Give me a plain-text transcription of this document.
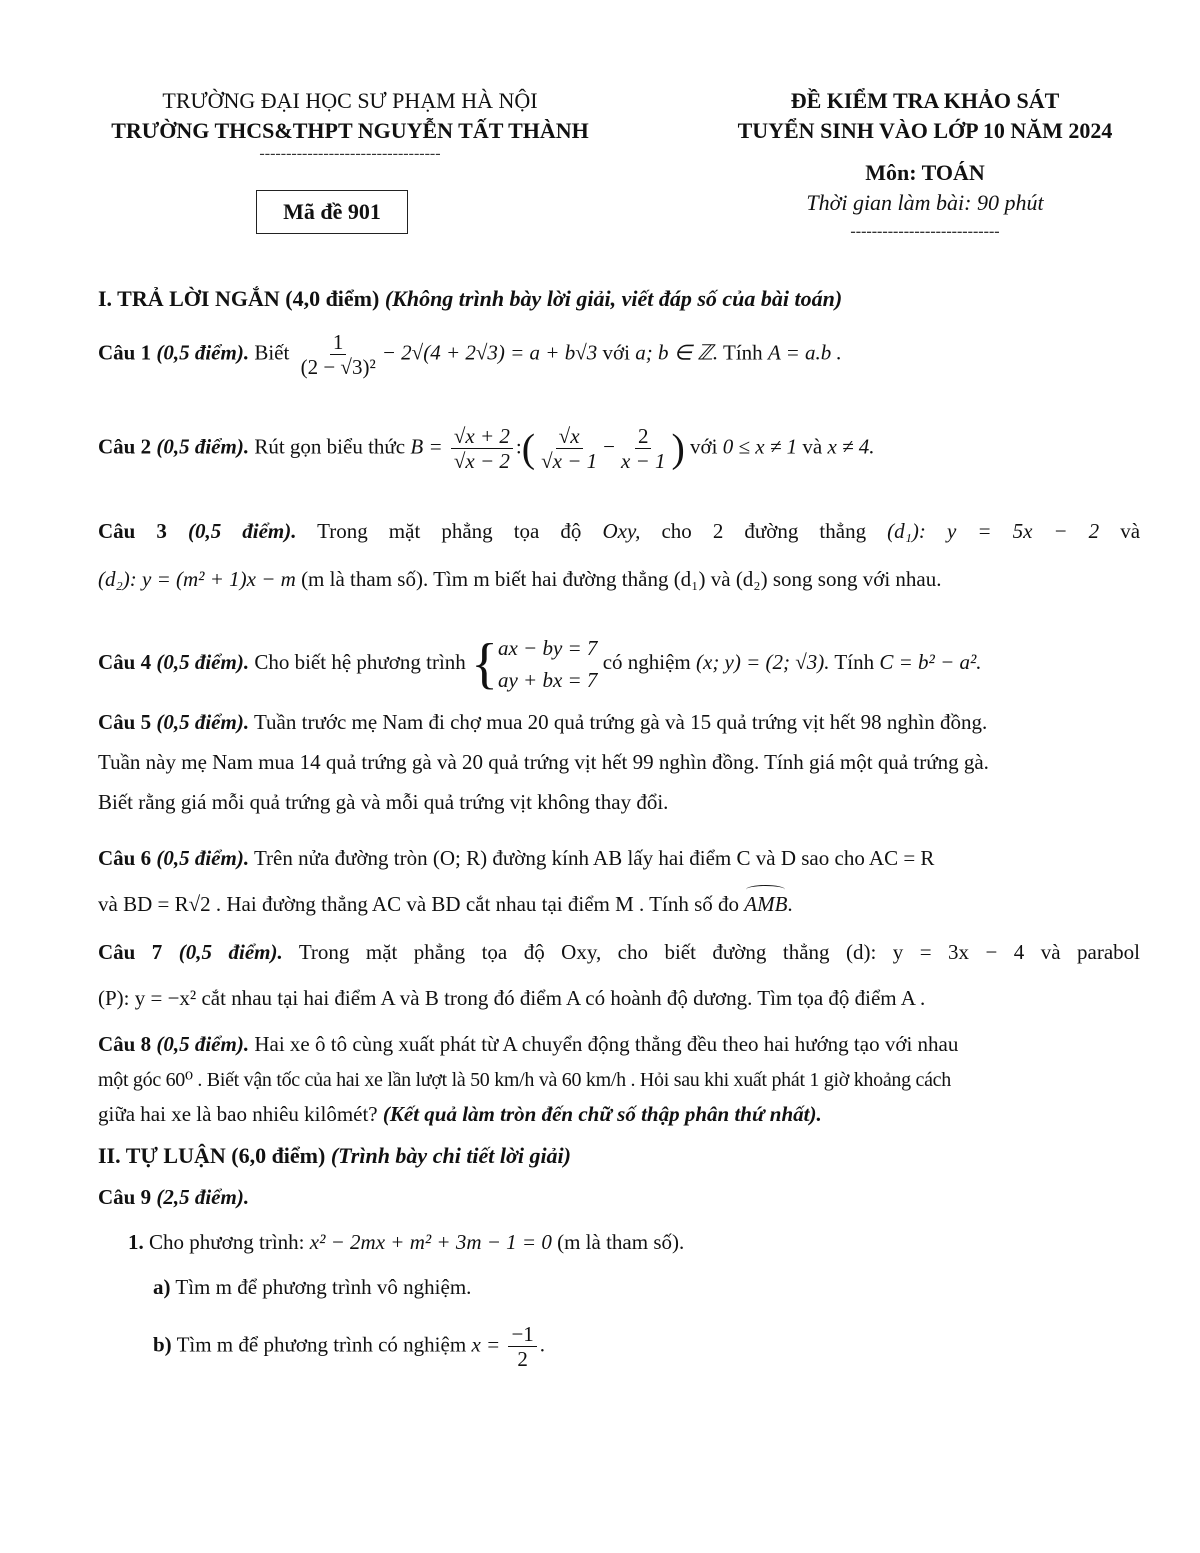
TRƯỜNG ĐẠI HỌC SƯ PHẠM HÀ NỘI
TRƯỜNG THCS&THPT NGUYỄN TẤT THÀNH
----------------------------------
Mã đề 901
ĐỀ KIỂM TRA KHẢO SÁT
TUYỂN SINH VÀO LỚP 10 NĂM 2024
Môn: TOÁN
Thời gian làm bài: 90 phút
----------------------------
I. TRẢ LỜI NGẮN (4,0 điểm) (Không trình bày lời giải, viết đáp số của bài toán)
Câu 1 (0,5 điểm). Biết $\frac{1}{\text{(2 − √3)²}} - 2√(4 + 2√3) = a + b√3$ với a; b ∈ ℤ. Tính A = a.b .
Câu 2 (0,5 điểm). Rút gọn biểu thức $B = \frac{√x + 2}{√x - 2}$ :( $\frac{√x}{√x - 1} - \frac{2}{x - 1}$ ) với 0 ≤ x ≠ 1 và x ≠ 4.
Câu 3 (0,5 điểm). Trong mặt phẳng tọa độ Oxy, cho 2 đường thẳng (d₁): y = 5x − 2 và
(d₂): y = (m² + 1)x − m (m là tham số). Tìm m biết hai đường thẳng (d₁) và (d₂) song song với nhau.
Câu 4 (0,5 điểm). Cho biết hệ phương trình { ax − by = 7
ay + bx = 7
có nghiệm (x; y) = (2; √3). Tính C = b² − a².
Câu 5 (0,5 điểm). Tuần trước mẹ Nam đi chợ mua 20 quả trứng gà và 15 quả trứng vịt hết 98 nghìn đồng.
Tuần này mẹ Nam mua 14 quả trứng gà và 20 quả trứng vịt hết 99 nghìn đồng. Tính giá một quả trứng gà.
Biết rằng giá mỗi quả trứng gà và mỗi quả trứng vịt không thay đổi.
Câu 6 (0,5 điểm). Trên nửa đường tròn (O; R) đường kính AB lấy hai điểm C và D sao cho AC = R
và BD = R√2 . Hai đường thẳng AC và BD cắt nhau tại điểm M . Tính số đo AMB.
Câu 7 (0,5 điểm). Trong mặt phẳng tọa độ Oxy, cho biết đường thẳng (d): y = 3x − 4 và parabol
(P): y = −x² cắt nhau tại hai điểm A và B trong đó điểm A có hoành độ dương. Tìm tọa độ điểm A .
Câu 8 (0,5 điểm). Hai xe ô tô cùng xuất phát từ A chuyển động thẳng đều theo hai hướng tạo với nhau
một góc 60⁰ . Biết vận tốc của hai xe lần lượt là 50 km/h và 60 km/h . Hỏi sau khi xuất phát 1 giờ khoảng cách
giữa hai xe là bao nhiêu kilômét? (Kết quả làm tròn đến chữ số thập phân thứ nhất).
II. TỰ LUẬN (6,0 điểm) (Trình bày chi tiết lời giải)
Câu 9 (2,5 điểm).
1. Cho phương trình: x² − 2mx + m² + 3m − 1 = 0 (m là tham số).
a) Tìm m để phương trình vô nghiệm.
b) Tìm m để phương trình có nghiệm $x = \frac{-1}{2}$ .
